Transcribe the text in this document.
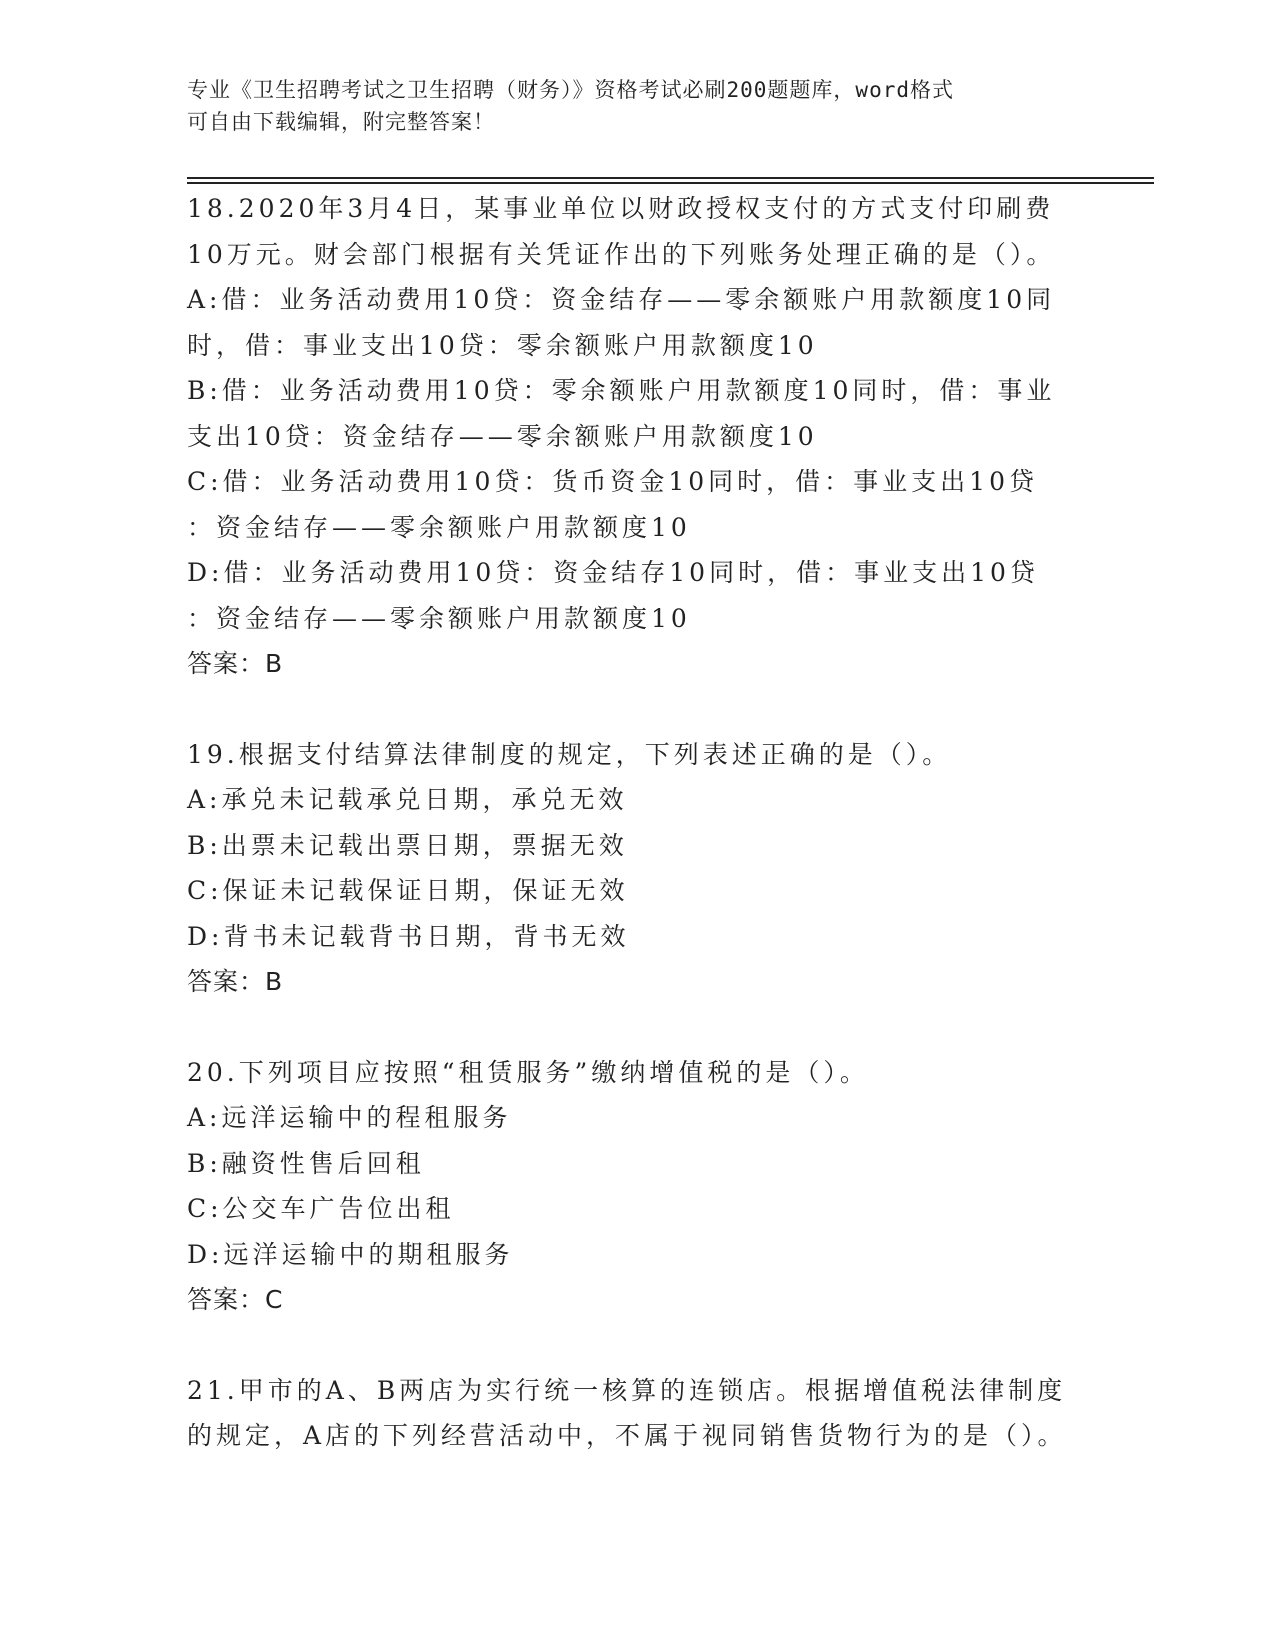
专业《卫生招聘考试之卫生招聘（财务）》资格考试必刷200题题库，word格式
可自由下载编辑，附完整答案！

18.2020年3月4日，某事业单位以财政授权支付的方式支付印刷费

10万元。财会部门根据有关凭证作出的下列账务处理正确的是（）。

A:借：业务活动费用10贷：资金结存——零余额账户用款额度10同

时，借：事业支出10贷：零余额账户用款额度10

B:借：业务活动费用10贷：零余额账户用款额度10同时，借：事业

支出10贷：资金结存——零余额账户用款额度10

C:借：业务活动费用10贷：货币资金10同时，借：事业支出10贷

：资金结存——零余额账户用款额度10

D:借：业务活动费用10贷：资金结存10同时，借：事业支出10贷

：资金结存——零余额账户用款额度10

答案：B

19.根据支付结算法律制度的规定，下列表述正确的是（）。

A:承兑未记载承兑日期，承兑无效

B:出票未记载出票日期，票据无效

C:保证未记载保证日期，保证无效

D:背书未记载背书日期，背书无效

答案：B

20.下列项目应按照“租赁服务”缴纳增值税的是（）。

A:远洋运输中的程租服务

B:融资性售后回租

C:公交车广告位出租

D:远洋运输中的期租服务

答案：C

21.甲市的A、B两店为实行统一核算的连锁店。根据增值税法律制度

的规定，A店的下列经营活动中，不属于视同销售货物行为的是（）。
